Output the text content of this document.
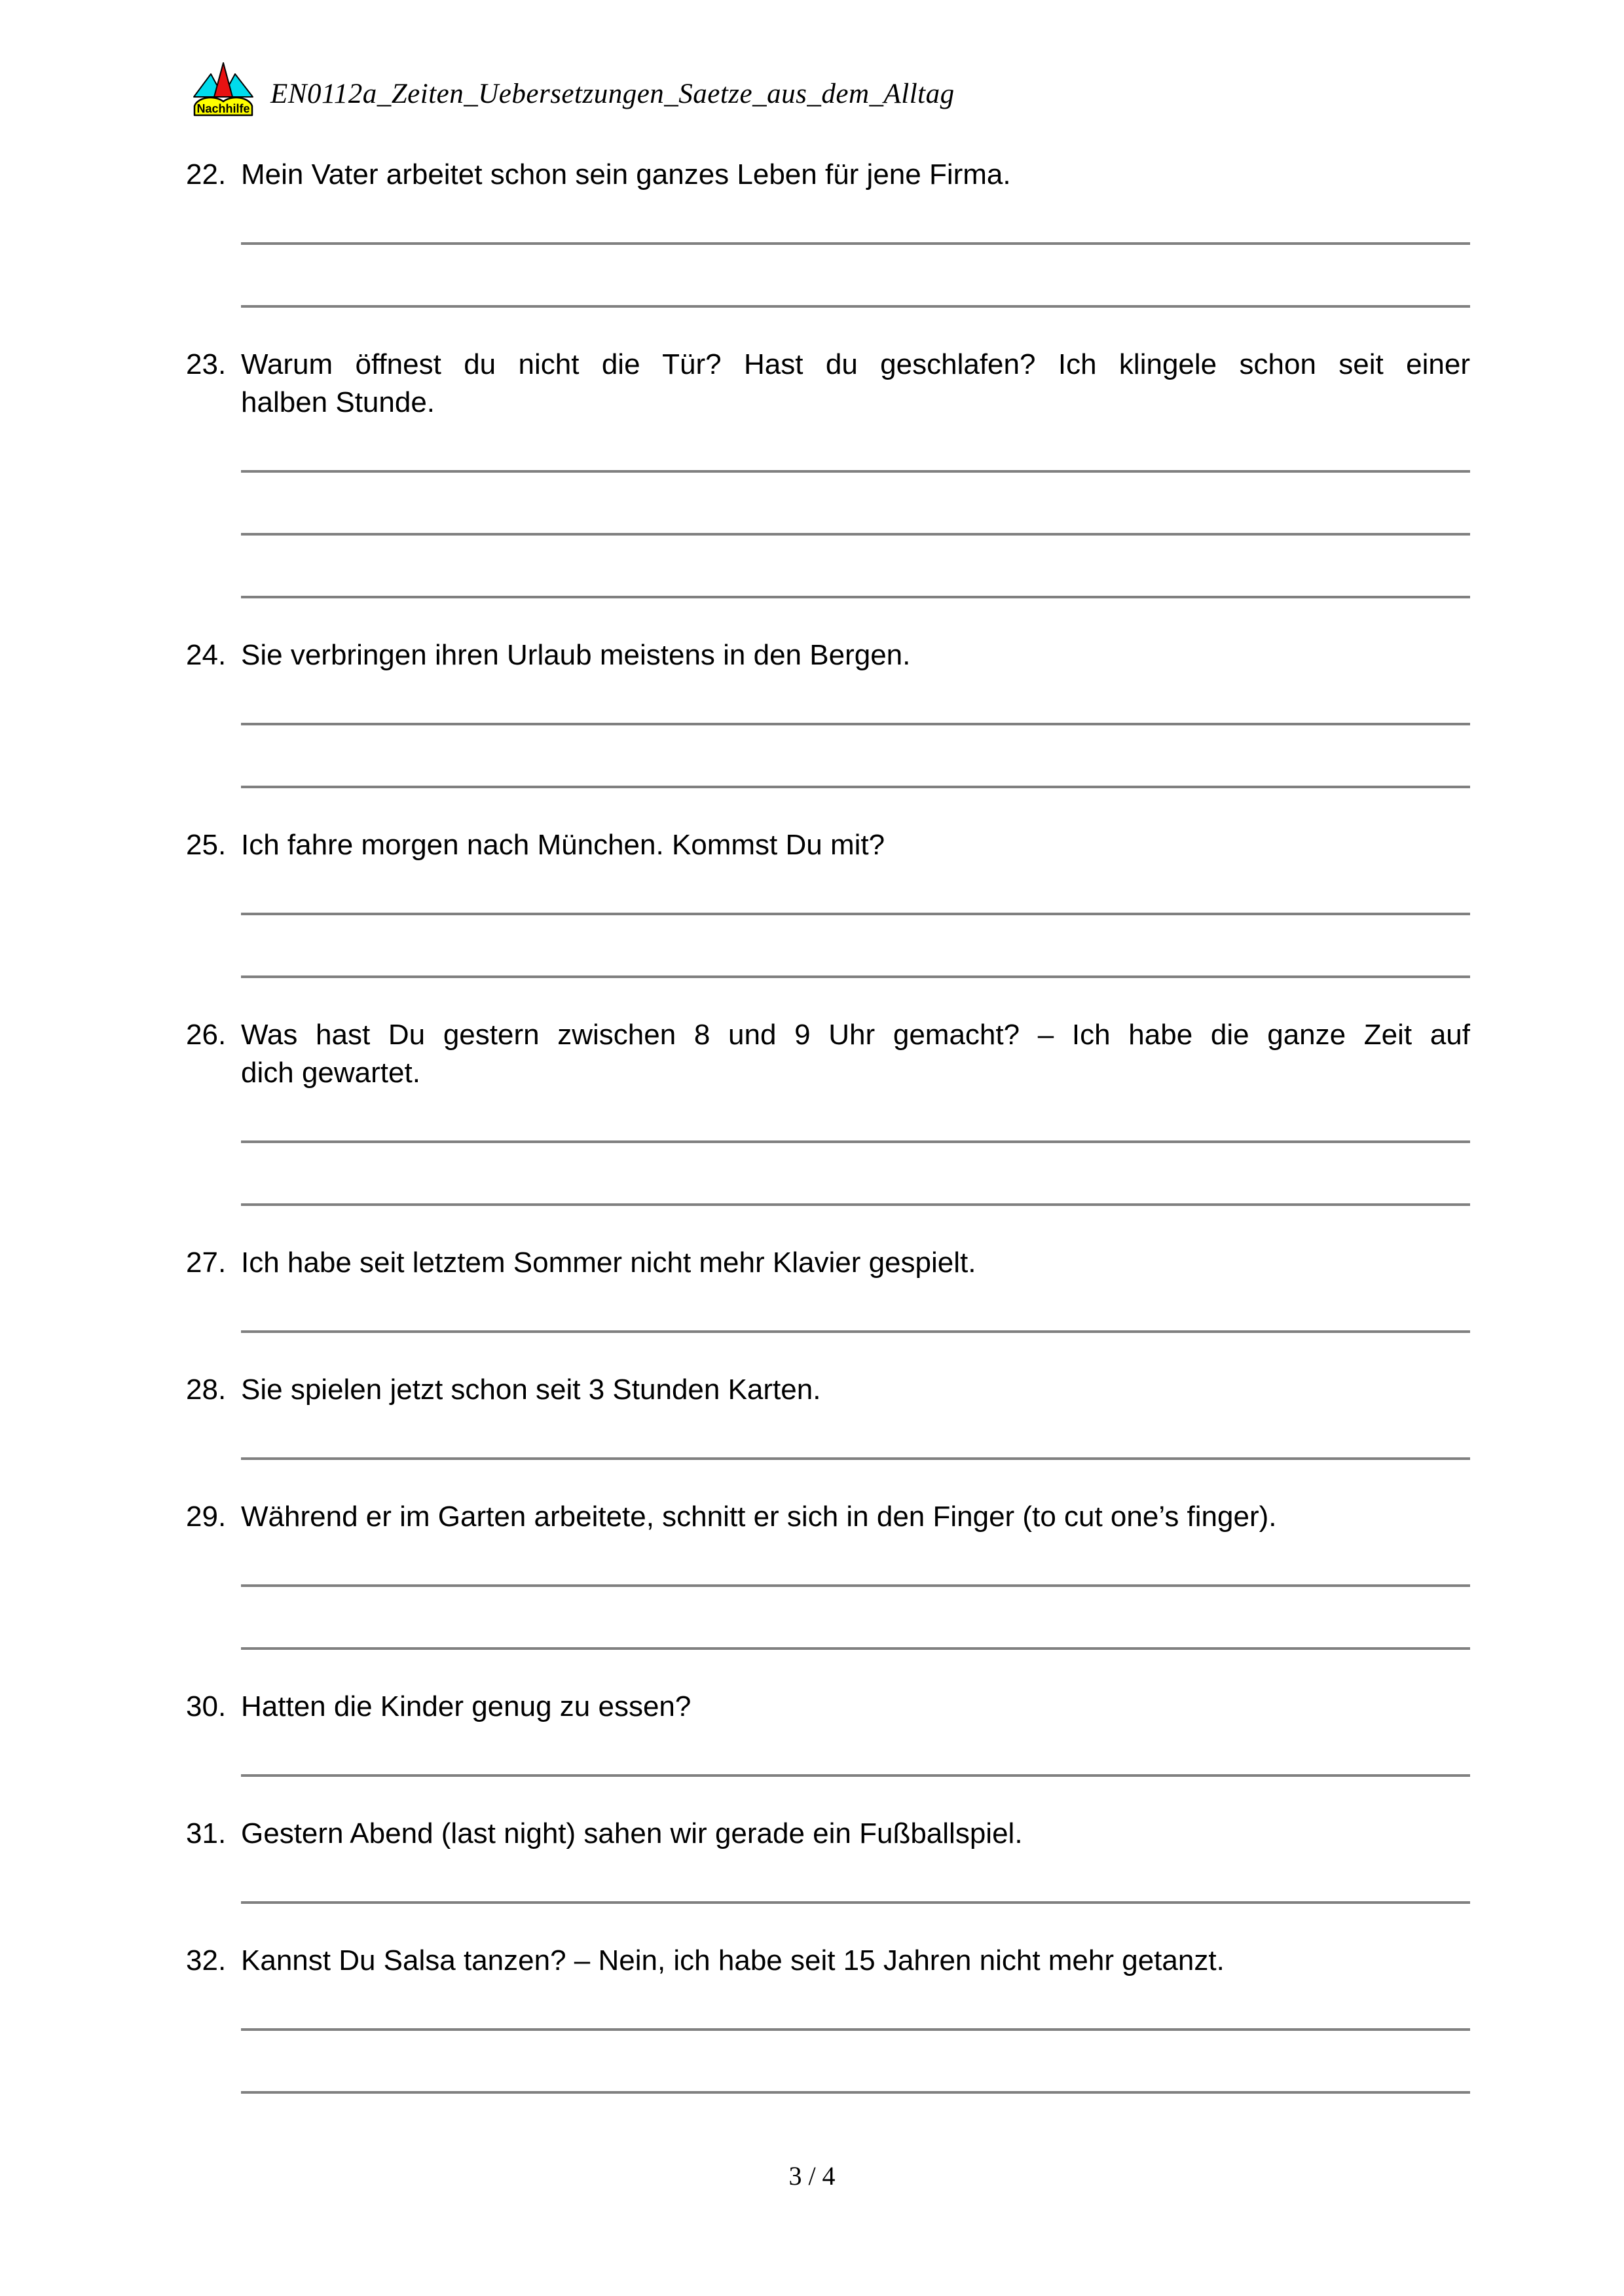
Nachhilfe EN0112a_Zeiten_Uebersetzungen_Saetze_aus_dem_Alltag
22. Mein Vater arbeitet schon sein ganzes Leben für jene Firma.
23. Warum öffnest du nicht die Tür? Hast du geschlafen? Ich klingele schon seit einer
halben Stunde.
24. Sie verbringen ihren Urlaub meistens in den Bergen.
25. Ich fahre morgen nach München. Kommst Du mit?
26. Was hast Du gestern zwischen 8 und 9 Uhr gemacht? – Ich habe die ganze Zeit auf
dich gewartet.
27. Ich habe seit letztem Sommer nicht mehr Klavier gespielt.
28. Sie spielen jetzt schon seit 3 Stunden Karten.
29. Während er im Garten arbeitete, schnitt er sich in den Finger (to cut one’s finger).
30. Hatten die Kinder genug zu essen?
31. Gestern Abend (last night) sahen wir gerade ein Fußballspiel.
32. Kannst Du Salsa tanzen? – Nein, ich habe seit 15 Jahren nicht mehr getanzt.
3 / 4
